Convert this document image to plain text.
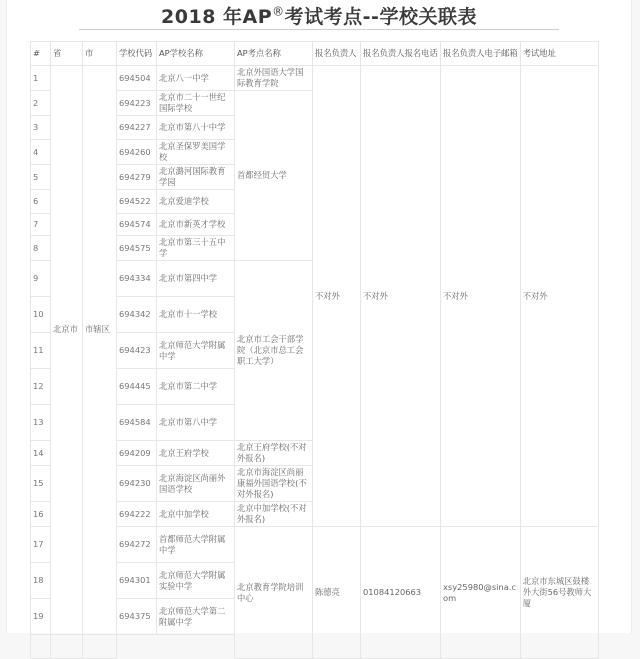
2018 年AP®考试考点--学校关联表
#	省	市	学校代码	AP学校名称	AP考点名称	报名负责人	报名负责人报名电话	报名负责人电子邮箱	考试地址
1	北京市	市辖区	694504	北京八一中学	北京外国语大学国际教育学院	不对外	不对外	不对外	不对外
2			694223	北京市二十一世纪国际学校	首都经贸大学				
3			694227	北京市第八十中学					
4			694260	北京圣保罗美国学校					
5			694279	北京潞河国际教育学园					
6			694522	北京爱迪学校					
7			694574	北京市新英才学校					
8			694575	北京市第三十五中学					
9			694334	北京市第四中学	北京市工会干部学院（北京市总工会职工大学）				
10			694342	北京市十一学校					
11			694423	北京师范大学附属中学					
12			694445	北京市第二中学					
13			694584	北京市第八中学					
14			694209	北京王府学校	北京王府学校(不对外报名)				
15			694230	北京海淀区尚丽外国语学校	北京市海淀区尚丽康福外国语学校(不对外报名)				
16			694222	北京中加学校	北京中加学校(不对外报名)				
17			694272	首都师范大学附属中学	北京教育学院培训中心	陈德亮	01084120663	xsy25980@sina.com	北京市东城区鼓楼外大街56号教师大厦
18			694301	北京师范大学附属实验中学					
19			694375	北京师范大学第二附属中学					
